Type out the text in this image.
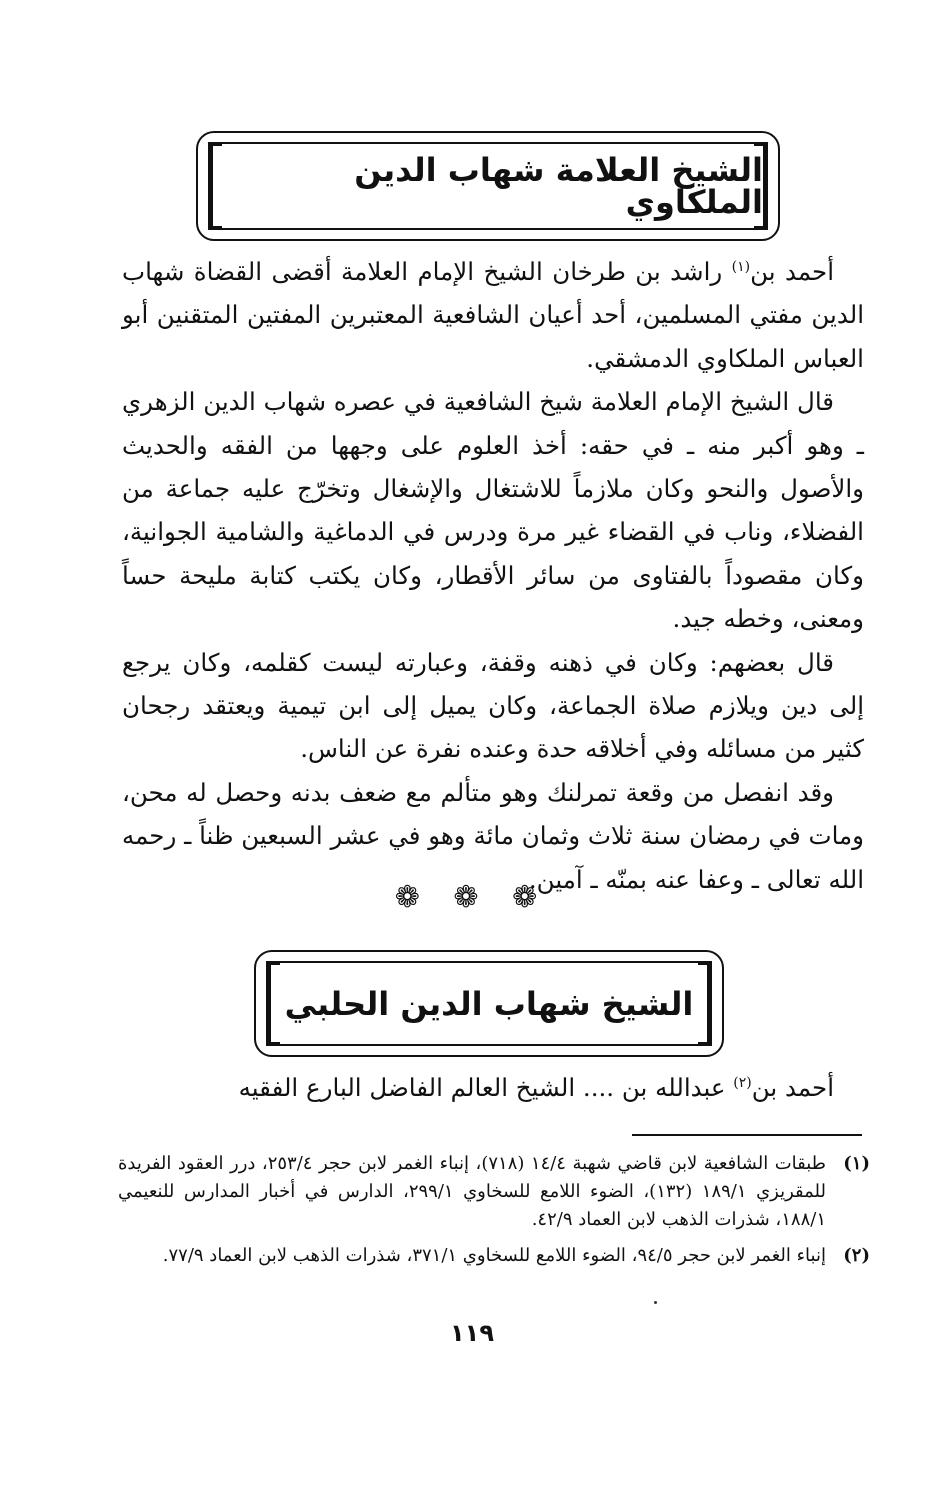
الشيخ العلامة شهاب الدين الملكاوي

أحمد بن$^{(١)}$ راشد بن طرخان الشيخ الإمام العلامة أقضى القضاة شهاب الدين مفتي المسلمين، أحد أعيان الشافعية المعتبرين المفتين المتقنين أبو العباس الملكاوي الدمشقي.

قال الشيخ الإمام العلامة شيخ الشافعية في عصره شهاب الدين الزهري ـ وهو أكبر منه ـ في حقه: أخذ العلوم على وجهها من الفقه والحديث والأصول والنحو وكان ملازماً للاشتغال والإشغال وتخرّج عليه جماعة من الفضلاء، وناب في القضاء غير مرة ودرس في الدماغية والشامية الجوانية، وكان مقصوداً بالفتاوى من سائر الأقطار، وكان يكتب كتابة مليحة حساً ومعنى، وخطه جيد.

قال بعضهم: وكان في ذهنه وقفة، وعبارته ليست كقلمه، وكان يرجع إلى دين ويلازم صلاة الجماعة، وكان يميل إلى ابن تيمية ويعتقد رجحان كثير من مسائله وفي أخلاقه حدة وعنده نفرة عن الناس.

وقد انفصل من وقعة تمرلنك وهو متألم مع ضعف بدنه وحصل له محن، ومات في رمضان سنة ثلاث وثمان مائة وهو في عشر السبعين ظناً ـ رحمه الله تعالى ـ وعفا عنه بمنّه ـ آمين.

❁ ❁ ❁
الشيخ شهاب الدين الحلبي

أحمد بن$^{(٢)}$ عبدالله بن .... الشيخ العالم الفاضل البارع الفقيه

(١)
طبقات الشافعية لابن قاضي شهبة ١٤/٤ (٧١٨)، إنباء الغمر لابن حجر ٢٥٣/٤، درر العقود الفريدة للمقريزي ١٨٩/١ (١٣٢)، الضوء اللامع للسخاوي ٢٩٩/١، الدارس في أخبار المدارس للنعيمي ١٨٨/١، شذرات الذهب لابن العماد ٤٢/٩.
(٢)
إنباء الغمر لابن حجر ٩٤/٥، الضوء اللامع للسخاوي ٣٧١/١، شذرات الذهب لابن العماد ٧٧/٩.
١١٩
